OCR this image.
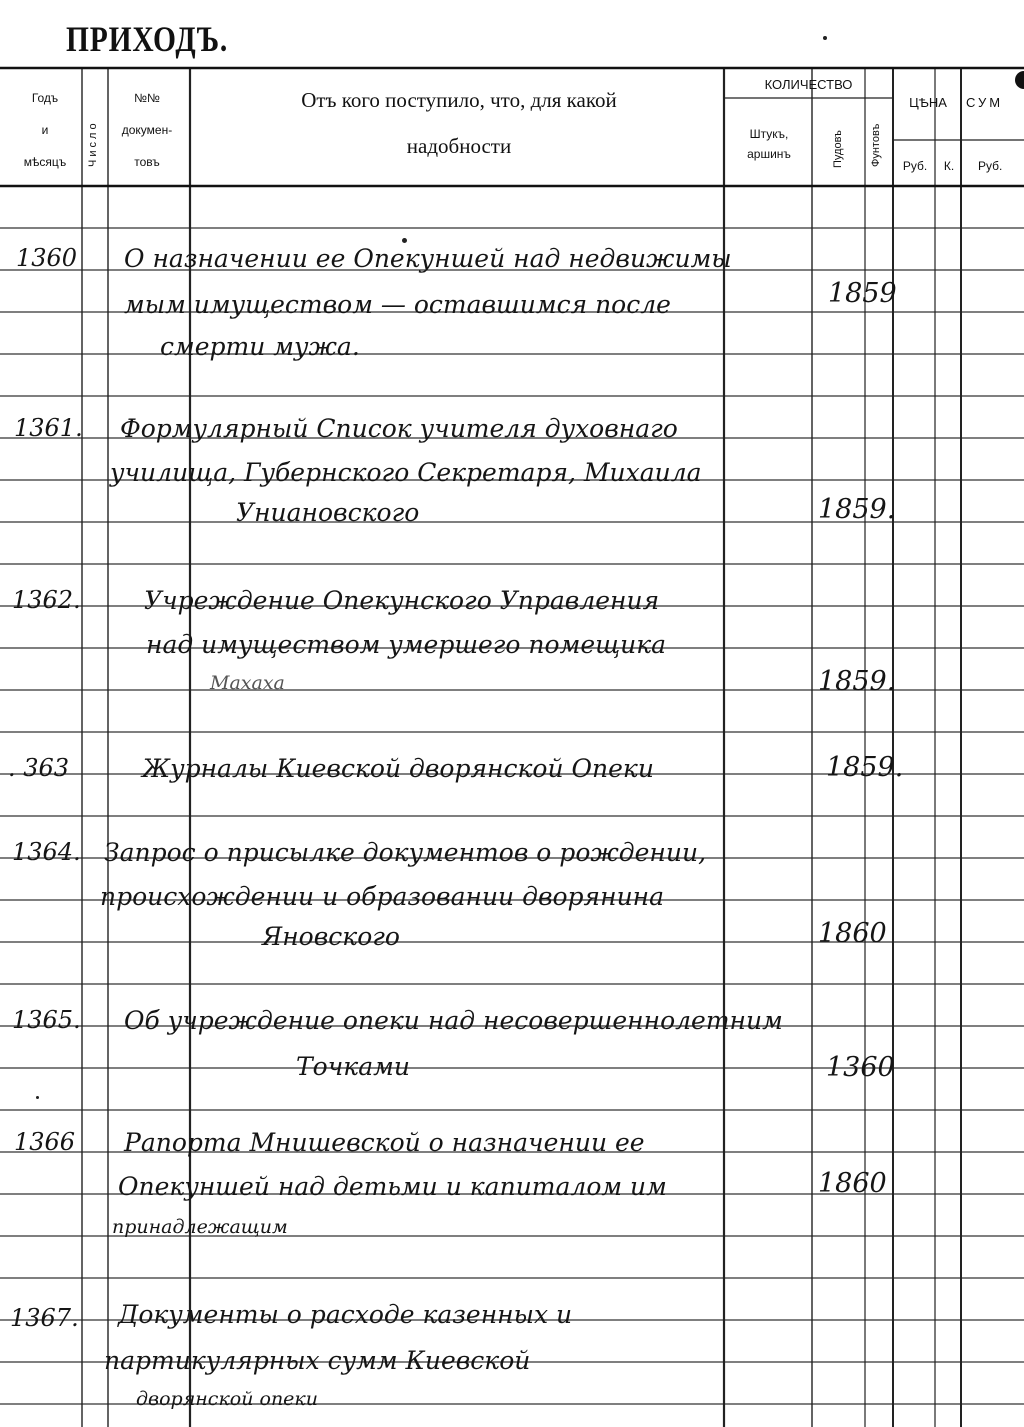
ПРИХОДЪ.
Годъ
и
мѣсяцъ	Число
№№
докумен-
товъ
Отъ кого поступило, что, для какой
надобности
КОЛИЧЕСТВО
Штукъ,
аршинъ	Пудовъ Фунтовъ
ЦѢНА	СУМ
Руб.	К.	Руб.
1360 О назначении ее Опекуншей над недвижимы
мым имуществом — оставшимся после
смерти мужа.
1859
1361. Формулярный Список учителя духовнаго
училища, Губернского Секретаря, Михаила
Униановского	1859.
1362.	Учреждение Опекунского Управления
над имуществом умершего помещика
Махаха	1859.
. 363	Журналы Киевской дворянской Опеки	1859.
1364. Запрос о присылке документов о рождении,
происхождении и образовании дворянина
Яновского	1860
1365. Об учреждение опеки над несовершеннолетним
Точками	1360
1366 Рапорта Мнишевской о назначении ее
Опекуншей над детьми и капиталом им
принадлежащим
1860
1367. Документы о расходе казенных и
партикулярных сумм Киевской
дворянской опеки
